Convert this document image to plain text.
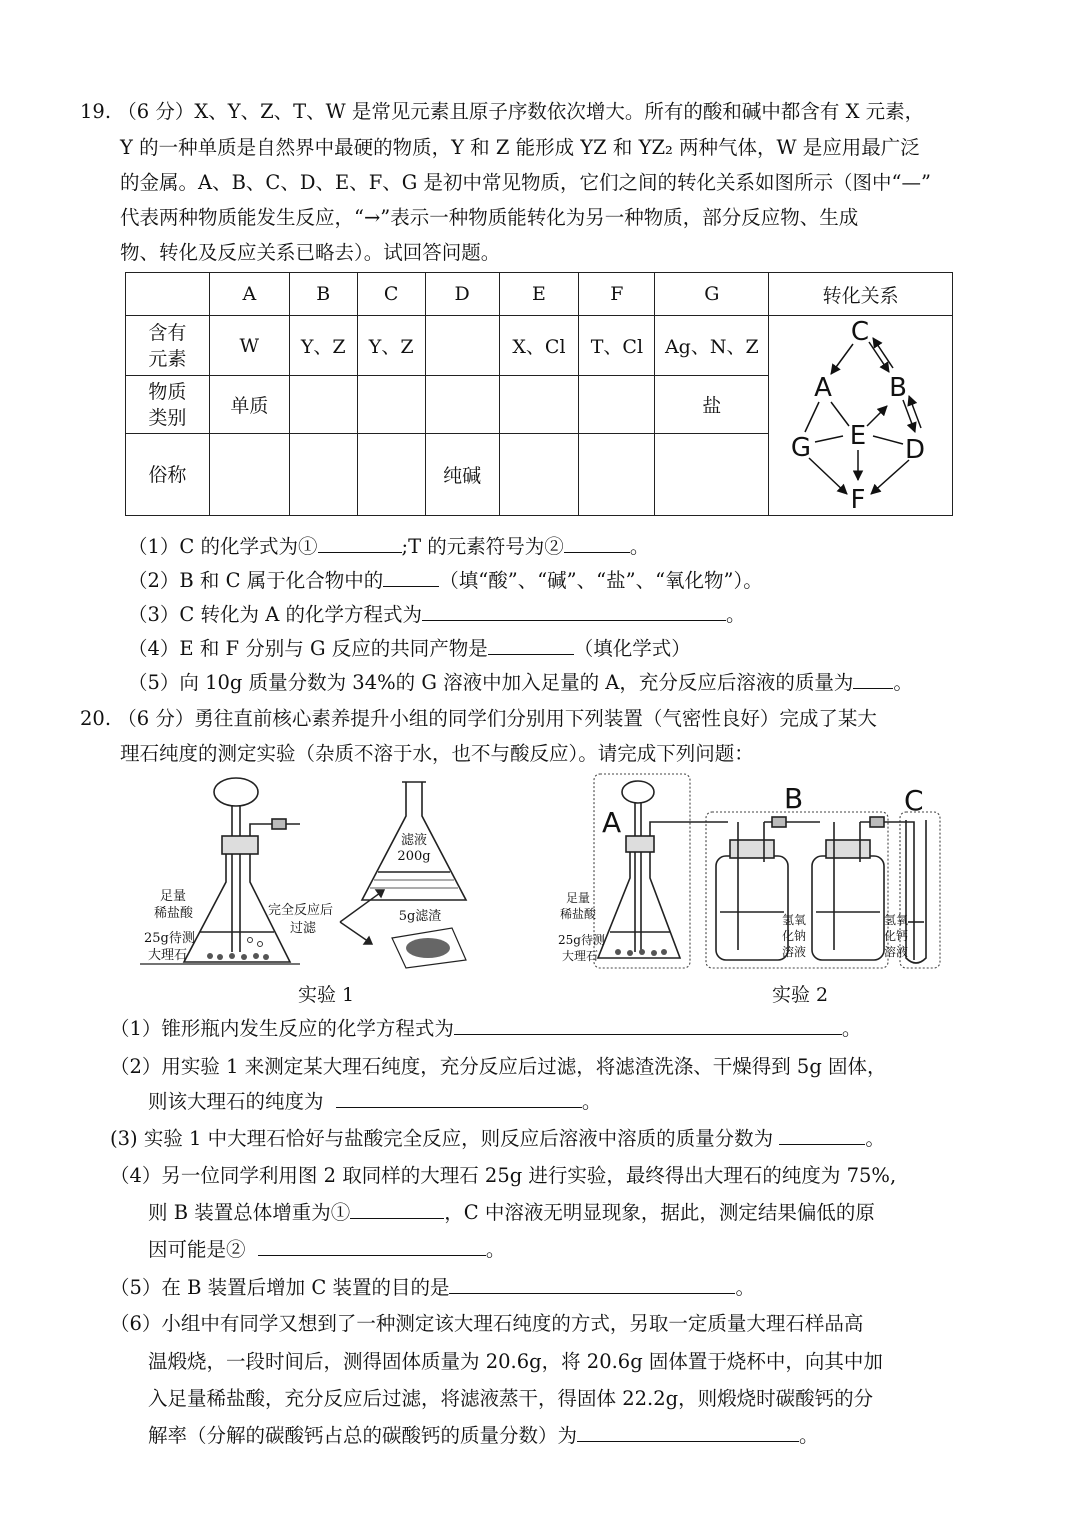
19. （6 分）X、Y、Z、T、W 是常见元素且原子序数依次增大。所有的酸和碱中都含有 X 元素，
Y 的一种单质是自然界中最硬的物质，Y 和 Z 能形成 YZ 和 YZ₂ 两种气体，W 是应用最广泛
的金属。A、B、C、D、E、F、G 是初中常见物质，它们之间的转化关系如图所示（图中“—”
代表两种物质能发生反应，“→”表示一种物质能转化为另一种物质，部分反应物、生成
物、转化及反应关系已略去）。试回答问题。
	A	B	C	D	E	F	G	转化关系
含有
元素	W	Y、Z	Y、Z		X、Cl	T、Cl	Ag、N、Z	
物质
类别	单质						盐	
俗称				纯碱				
C
A B
G E D
F
（1）C 的化学式为①	;T 的元素符号为②	。
（2）B 和 C 属于化合物中的	（填“酸”、“碱”、“盐”、“氧化物”）。
（3）C 转化为 A 的化学方程式为	。
（4）E 和 F 分别与 G 反应的共同产物是	（填化学式）
（5）向 10g 质量分数为 34%的 G 溶液中加入足量的 A，充分反应后溶液的质量为 。
20. （6 分）勇往直前核心素养提升小组的同学们分别用下列装置（气密性良好）完成了某大
理石纯度的测定实验（杂质不溶于水，也不与酸反应）。请完成下列问题：
足量
稀盐酸
25g待测
大理石
完全反应后
过滤
滤液
200g
5g滤渣
实验 1
A
B	C
足量
稀盐酸
25g待测
大理石
氢氧
化钠
溶液
氢氧
化钙
溶液
实验 2
（1）锥形瓶内发生反应的化学方程式为	。
（2）用实验 1 来测定某大理石纯度，充分反应后过滤，将滤渣洗涤、干燥得到 5g 固体，
则该大理石的纯度为	。
(3) 实验 1 中大理石恰好与盐酸完全反应，则反应后溶液中溶质的质量分数为	。
（4）另一位同学利用图 2 取同样的大理石 25g 进行实验，最终得出大理石的纯度为 75%,
则 B 装置总体增重为①	，C 中溶液无明显现象，据此，测定结果偏低的原
因可能是②	。
（5）在 B 装置后增加 C 装置的目的是	。
（6）小组中有同学又想到了一种测定该大理石纯度的方式，另取一定质量大理石样品高
温煅烧，一段时间后，测得固体质量为 20.6g，将 20.6g 固体置于烧杯中，向其中加
入足量稀盐酸，充分反应后过滤，将滤液蒸干，得固体 22.2g，则煅烧时碳酸钙的分
解率（分解的碳酸钙占总的碳酸钙的质量分数）为	。
